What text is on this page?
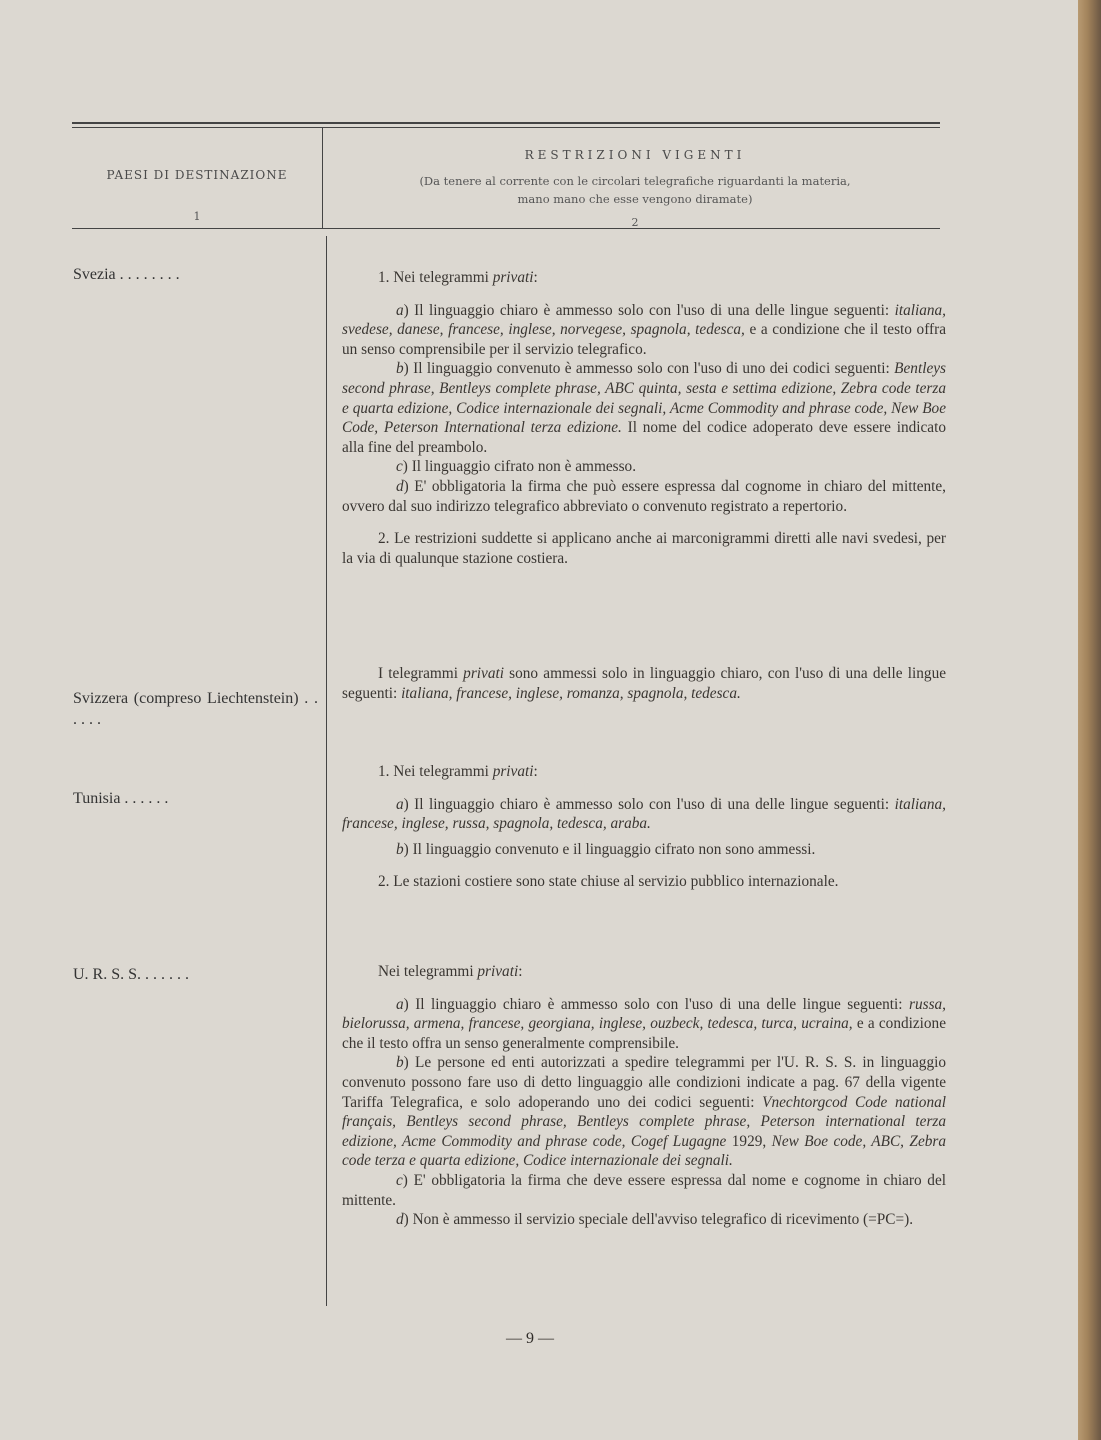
PAESI DI DESTINAZIONE
1
RESTRIZIONI VIGENTI
(Da tenere al corrente con le circolari telegrafiche riguardanti la materia,
mano mano che esse vengono diramate)
2
Svezia . . . . . . . .	1. Nei telegrammi privati:

a) Il linguaggio chiaro è ammesso solo con l'uso di una delle lingue seguenti: italiana, svedese, danese, francese, inglese, norvegese, spagnola, tedesca, e a condizione che il testo offra un senso comprensibile per il servizio telegrafico.

b) Il linguaggio convenuto è ammesso solo con l'uso di uno dei codici seguenti: Bentleys second phrase, Bentleys complete phrase, ABC quinta, sesta e settima edizione, Zebra code terza e quarta edizione, Codice internazionale dei segnali, Acme Commodity and phrase code, New Boe Code, Peterson International terza edizione. Il nome del codice adoperato deve essere indicato alla fine del preambolo.

c) Il linguaggio cifrato non è ammesso.

d) E' obbligatoria la firma che può essere espressa dal cognome in chiaro del mittente, ovvero dal suo indirizzo telegrafico abbreviato o convenuto registrato a repertorio.

2. Le restrizioni suddette si applicano anche ai marconigrammi diretti alle navi svedesi, per la via di qualunque stazione costiera.

Svizzera (compreso Liechtenstein) . . . . . .

I telegrammi privati sono ammessi solo in linguaggio chiaro, con l'uso di una delle lingue seguenti: italiana, francese, inglese, romanza, spagnola, tedesca.

Tunisia . . . . . .

1. Nei telegrammi privati:

a) Il linguaggio chiaro è ammesso solo con l'uso di una delle lingue seguenti: italiana, francese, inglese, russa, spagnola, tedesca, araba.

b) Il linguaggio convenuto e il linguaggio cifrato non sono ammessi.

2. Le stazioni costiere sono state chiuse al servizio pubblico internazionale.

U. R. S. S. . . . . . .	Nei telegrammi privati:

a) Il linguaggio chiaro è ammesso solo con l'uso di una delle lingue seguenti: russa, bielorussa, armena, francese, georgiana, inglese, ouzbeck, tedesca, turca, ucraina, e a condizione che il testo offra un senso generalmente comprensibile.

b) Le persone ed enti autorizzati a spedire telegrammi per l'U. R. S. S. in linguaggio convenuto possono fare uso di detto linguaggio alle condizioni indicate a pag. 67 della vigente Tariffa Telegrafica, e solo adoperando uno dei codici seguenti: Vnechtorgcod Code national français, Bentleys second phrase, Bentleys complete phrase, Peterson international terza edizione, Acme Commodity and phrase code, Cogef Lugagne 1929, New Boe code, ABC, Zebra code terza e quarta edizione, Codice internazionale dei segnali.

c) E' obbligatoria la firma che deve essere espressa dal nome e cognome in chiaro del mittente.

d) Non è ammesso il servizio speciale dell'avviso telegrafico di ricevimento (=PC=).

— 9 —
